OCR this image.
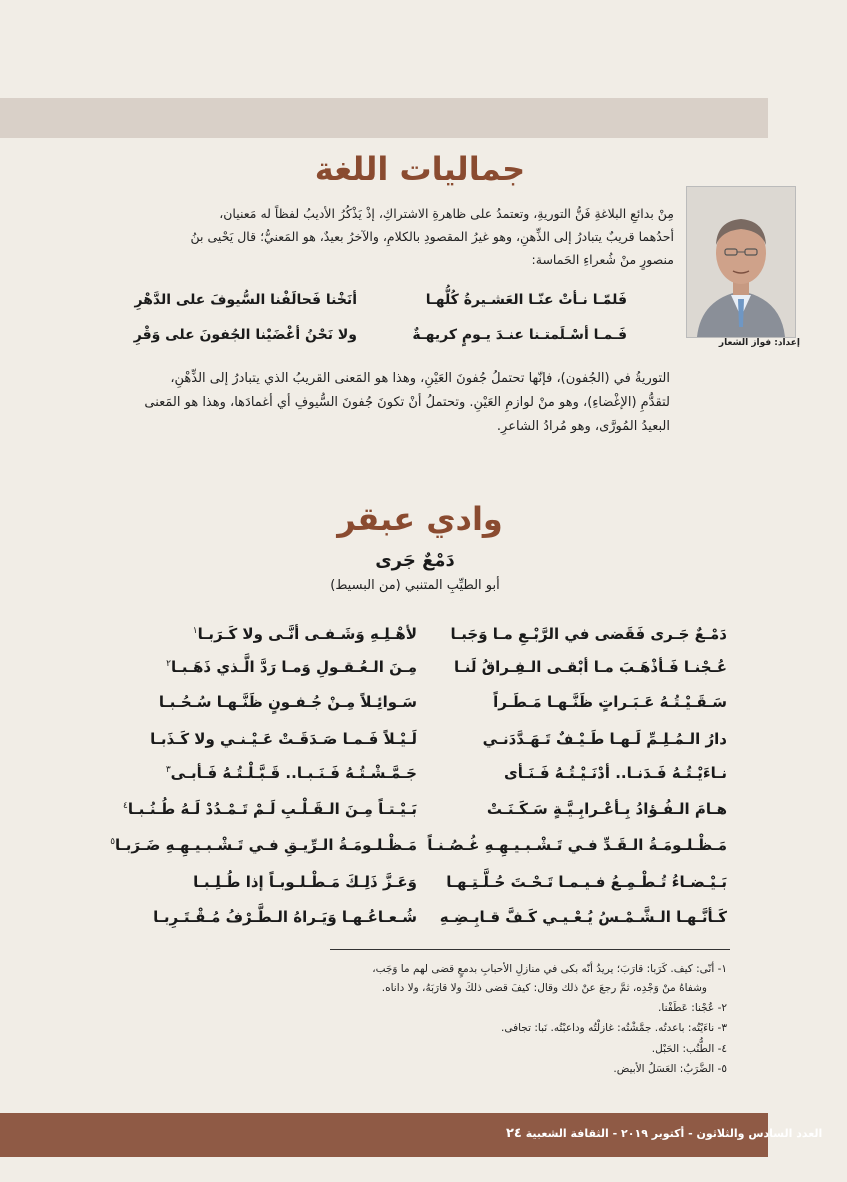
جماليات اللغة
إعداد: فواز الشعار
مِنْ بدائعِ البلاغةِ فَنُّ التوريةِ، وتعتمدُ على ظاهرةِ الاشتراكِ، إذْ يَذْكُرُ الأديبُ لفظاً له مَعنيان، أحدُهما قريبٌ يتبادرُ إلى الذِّهنِ، وهو غيرُ المقصودِ بالكلامِ، والآخرُ بعيدٌ، هو المَعنيُّ؛ قال يَحْيى بنُ منصورٍ منْ شُعراءِ الحَماسة:
فَلمّـا نـأتْ عنّـا العَشـيرةُ كُلُّهـا
أنَخْنا فَحالَفْنا السُّيوفَ على الدَّهْرِ
فَـمـا أسْـلَمتـنا عنـدَ يـومٍ كريهـةٌ
ولا نَحْنُ أغْضَيْنا الجُفونَ على وَقْرِ
التوريةُ في (الجُفون)، فإنّها تحتملُ جُفونَ العَيْنِ، وهذا هو المَعنى القريبُ الذي يتبادرُ إلى الذِّهْنِ، لتقدُّمِ (الإغْضاءِ)، وهو منْ لوازمِ العَيْنِ. وتحتملُ أنْ تكونَ جُفونَ السُّيوفِ أي أغمادَها، وهذا هو المَعنى البعيدُ المُورَّى، وهو مُرادُ الشاعرِ.
وادي عبقر
دَمْعٌ جَرى
أبو الطيِّبِ المتنبي (من البسيط)
دَمْـعٌ جَـرى فَقَضى في الرَّبْـعِ مـا وَجَبـا
لأهْـلِـهِ وَشَـفـى أنَّـى ولا كَـرَبـا$^١$
عُـجْنـا فَـأذْهَـبَ مـا أبْقـى الـفِـراقُ لَنـا
مِـنَ الـعُـقـولِ وَمـا رَدَّ الَّـذي ذَهَـبـا$^٢$
سَـقَـيْـتُـهُ عَـبَـراتٍ ظَنَّـهـا مَـطَـراً
سَـوائِـلاً مِـنْ جُـفـونٍ ظَنَّـهـا سُـحُـبـا
دارُ الـمُـلِـمِّ لَـهـا طَـيْـفٌ تَـهَـدَّدَنـي
لَـيْـلاً فَـمـا صَـدَقَـتْ عَـيْـنـي ولا كَـذَبـا
نـاءَيْـتُـهُ فَـدَنـا.. أدْنَـيْـتُـهُ فَـنَـأى
جَـمَّـشْـتُـهُ فَـنَـبـا.. قَـبَّـلْـتُـهُ فَـأبـى$^٣$
هـامَ الـفُـؤادُ بِـأعْـرابِـيَّـةٍ سَـكَـنَـتْ
بَـيْـتـاً مِـنَ الـقَـلْـبِ لَـمْ تَـمْـدُدْ لَـهُ طُـنُـبـا$^٤$
مَـظْـلـومَـةُ الـقَـدِّ فـي تَـشْـبـيـهِـهِ غُـصُـنـاً
مَـظْـلـومَـةُ الـرِّيـقِ فـي تَـشْـبـيـهِـهِ ضَـرَبـا$^٥$
بَـيْـضـاءُ تُـطْـمِـعُ فـيـمـا تَـحْـتَ حُـلَّـتِـهـا
وَعَـزَّ ذَلِـكَ مَـطْـلـوبـاً إذا طُـلِـبـا
كَـأنَّـهـا الـشَّـمْـسُ يُـعْـيـي كَـفَّ قـابِـضِـهِ
شُـعـاعُـهـا وَيَـراهُ الـطَّـرْفُ مُـقْـتَـرِبـا
١- أنّى: كيف. كَرَبا: قارَبَ؛ يريدُ أنّه بكى في منازلِ الأحبابِ بدمعٍ قضى لهم ما وَجَب،
وشفاهُ منْ وَجْدِه، ثمَّ رجعَ عنْ ذلك وقال: كيفَ قضى ذلكَ ولا قارَبَهُ، ولا داناه.
٢- عُجْنا: عَطَفْنا.
٣- ناءَيْتُه: باعدتُه. جمَّشْتُه: غازلْتُه وداعبْتُه. نَبا: تجافى.
٤- الطُّنُب: الحَبْل.
٥- الضَّرَبُ: العَسَلُ الأبيض.
العدد السادس والثلاثون - أكتوبر ٢٠١٩ - الثقافة الشعبية ٢٤
